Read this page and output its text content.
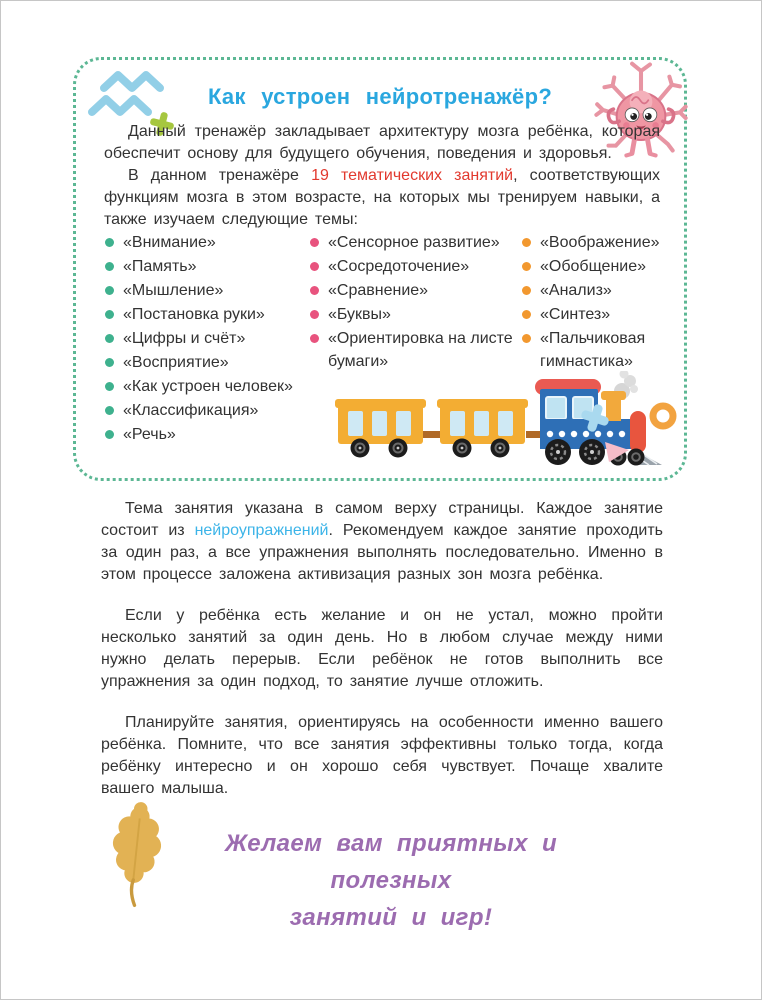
Как устроен нейротренажёр?

Данный тренажёр закладывает архитектуру мозга ребёнка, которая обеспечит основу для будущего обучения, поведения и здоровья.

В данном тренажёре 19 тематических занятий, соответствующих функциям мозга в этом возрасте, на которых мы тренируем навыки, а также изучаем следующие темы:

«Внимание»
«Память»
«Мышление»
«Постановка руки»
«Цифры и счёт»
«Восприятие»
«Как устроен человек»
«Классификация»
«Речь»
«Сенсорное развитие»
«Сосредоточение»
«Сравнение»
«Буквы»
«Ориентировка на листе бумаги»
«Воображение»
«Обобщение»
«Анализ»
«Синтез»
«Пальчиковая гимнастика»

Тема занятия указана в самом верху страницы. Каждое занятие состоит из нейроупражнений. Рекомендуем каждое занятие проходить за один раз, а все упражнения выполнять последовательно. Именно в этом процессе заложена активизация разных зон мозга ребёнка.

Если у ребёнка есть желание и он не устал, можно пройти несколько занятий за один день. Но в любом случае между ними нужно делать перерыв. Если ребёнок не готов выполнить все упражнения за один подход, то занятие лучше отложить.

Планируйте занятия, ориентируясь на особенности именно вашего ребёнка. Помните, что все занятия эффективны только тогда, когда ребёнку интересно и он хорошо себя чувствует. Почаще хвалите вашего малыша.

Желаем вам приятных и полезных
занятий и игр!
